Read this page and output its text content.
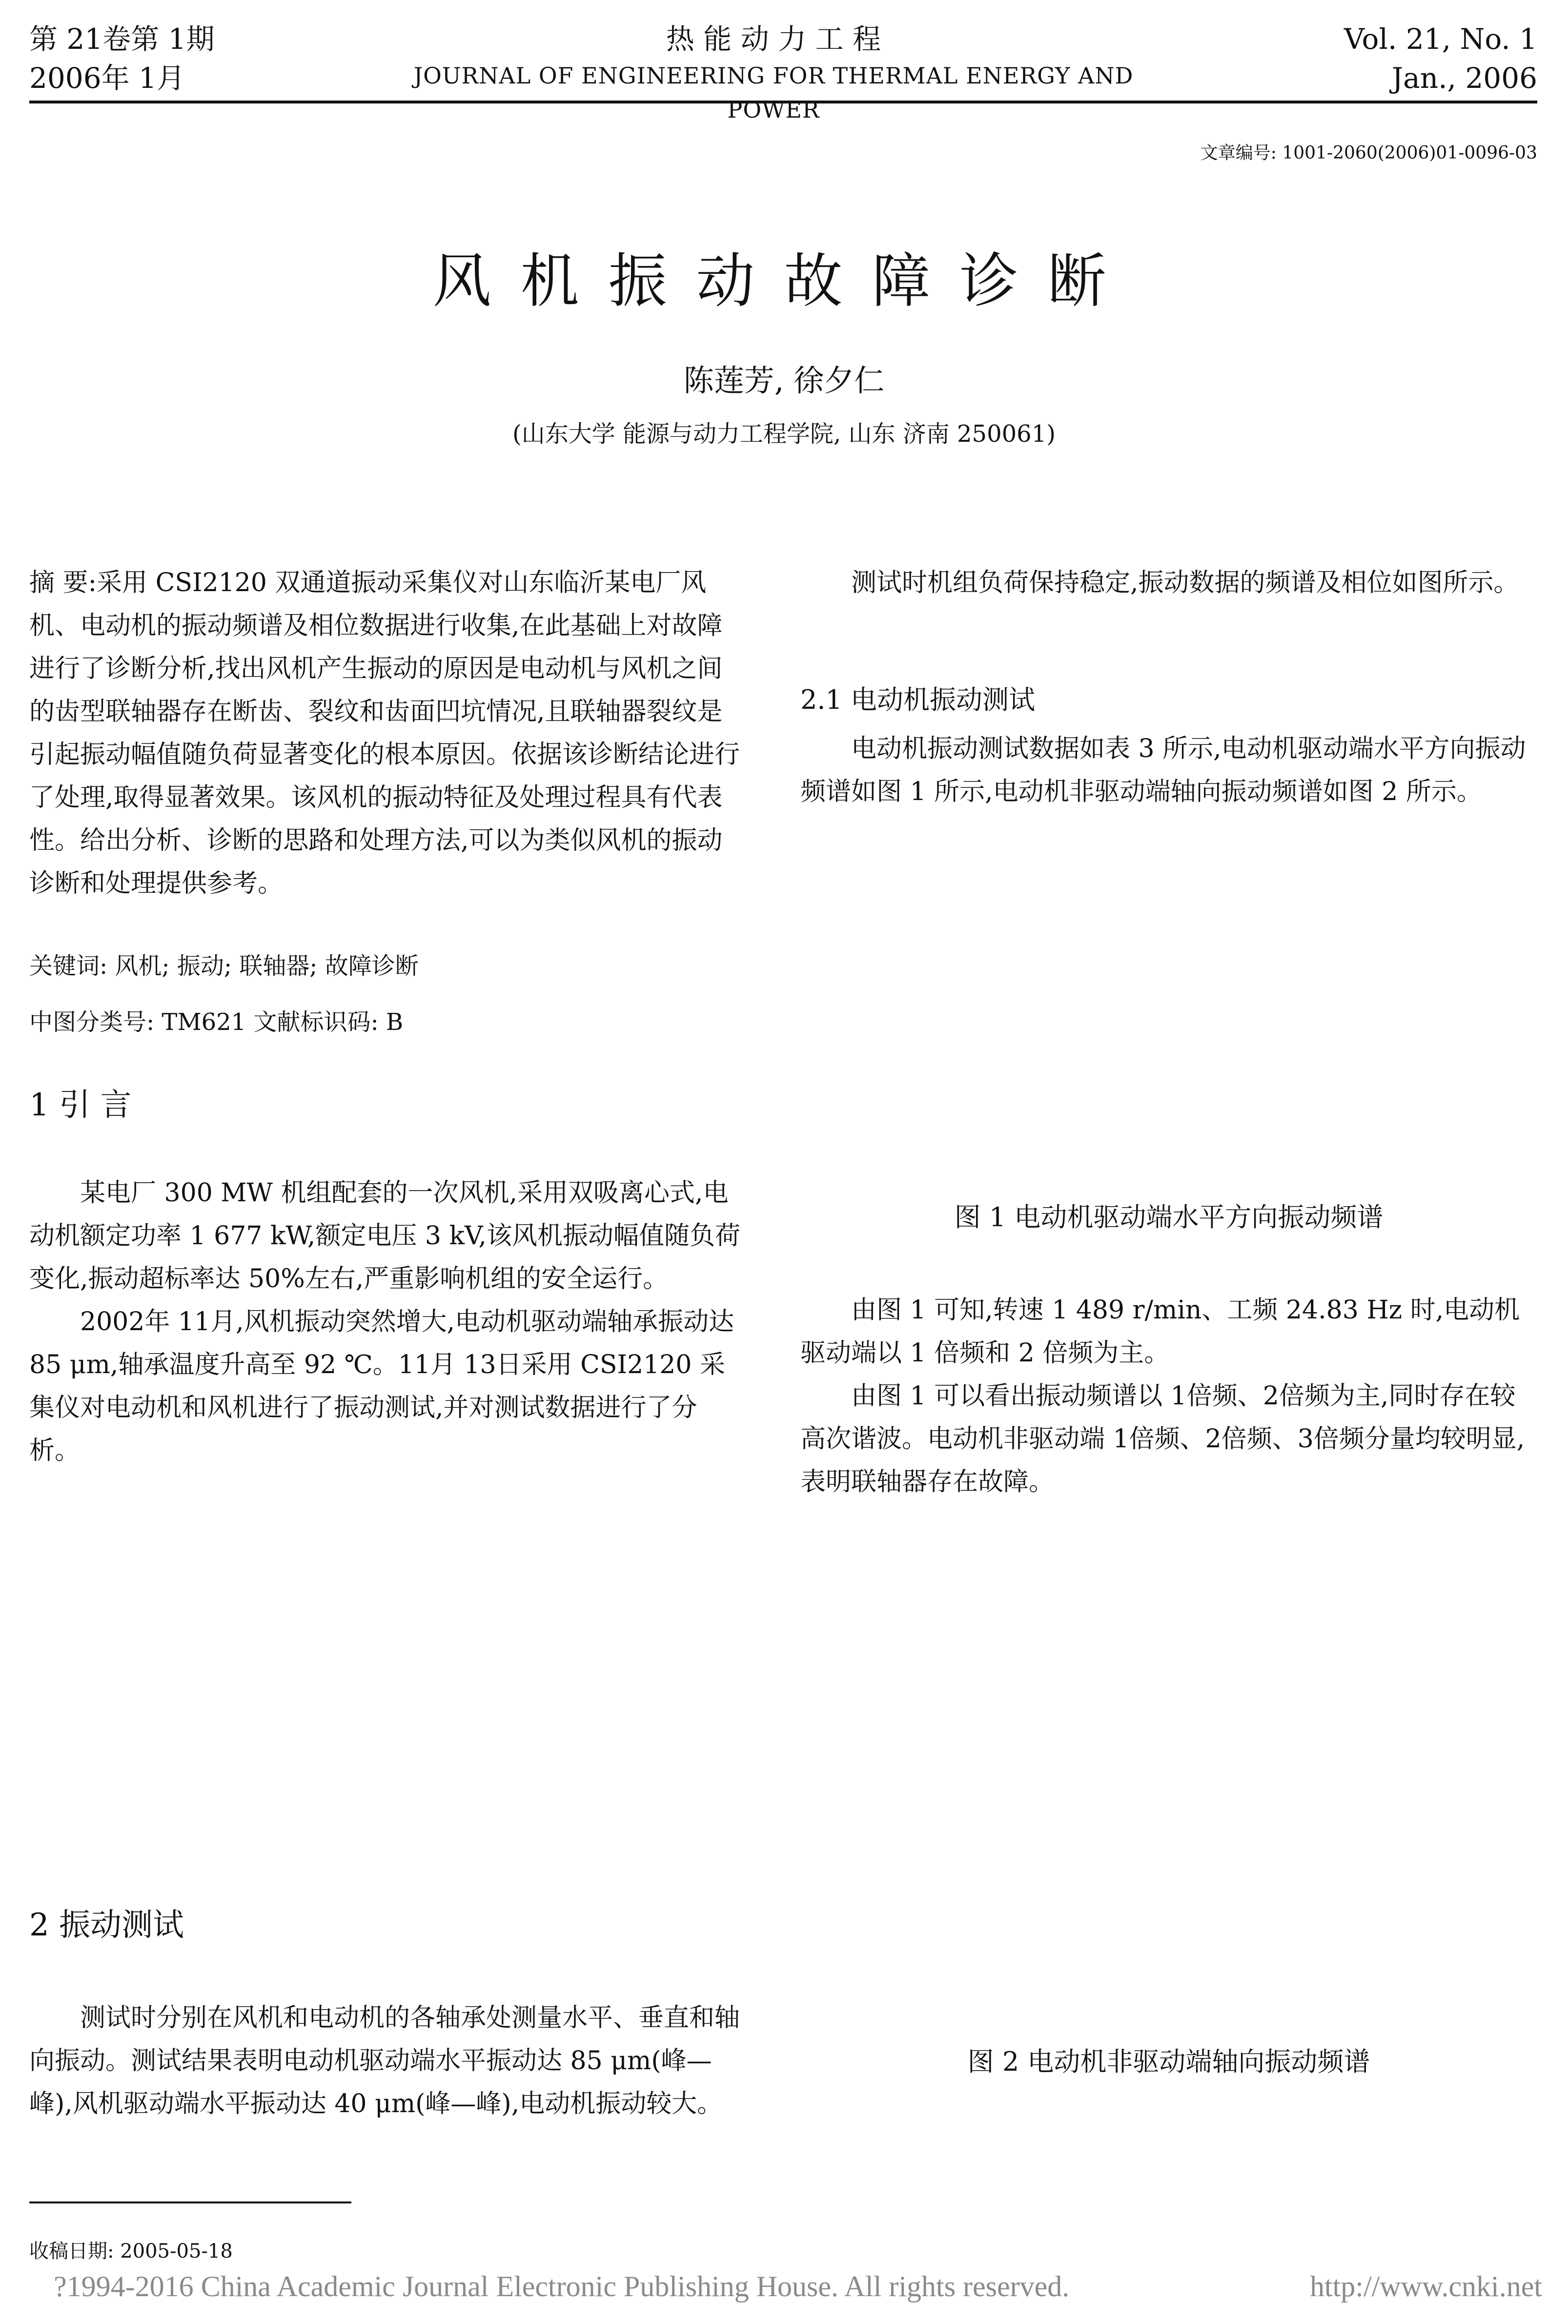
第 21卷第 1期
2006年 1月
热 能 动 力 工 程
JOURNAL OF ENGINEERING FOR THERMAL ENERGY AND POWER
Vol. 21, No. 1
Jan., 2006
文章编号: 1001-2060(2006)01-0096-03
风机振动故障诊断
陈莲芳, 徐夕仁
(山东大学 能源与动力工程学院, 山东 济南 250061)

摘 要:采用 CSI2120 双通道振动采集仪对山东临沂某电厂风机、电动机的振动频谱及相位数据进行收集,在此基础上对故障进行了诊断分析,找出风机产生振动的原因是电动机与风机之间的齿型联轴器存在断齿、裂纹和齿面凹坑情况,且联轴器裂纹是引起振动幅值随负荷显著变化的根本原因。依据该诊断结论进行了处理,取得显著效果。该风机的振动特征及处理过程具有代表性。给出分析、诊断的思路和处理方法,可以为类似风机的振动诊断和处理提供参考。

关键词: 风机; 振动; 联轴器; 故障诊断
中图分类号: TM621 文献标识码: B
1 引 言

某电厂 300 MW 机组配套的一次风机,采用双吸离心式,电动机额定功率 1 677 kW,额定电压 3 kV,该风机振动幅值随负荷变化,振动超标率达 50%左右,严重影响机组的安全运行。

2002年 11月,风机振动突然增大,电动机驱动端轴承振动达 85 μm,轴承温度升高至 92 ℃。11月 13日采用 CSI2120 采集仪对电动机和风机进行了振动测试,并对测试数据进行了分析。

2 振动测试

测试时分别在风机和电动机的各轴承处测量水平、垂直和轴向振动。测试结果表明电动机驱动端水平振动达 85 μm(峰—峰),风机驱动端水平振动达 40 μm(峰—峰),电动机振动较大。

收稿日期: 2005-05-18

测试时机组负荷保持稳定,振动数据的频谱及相位如图所示。

2.1 电动机振动测试

电动机振动测试数据如表 3 所示,电动机驱动端水平方向振动频谱如图 1 所示,电动机非驱动端轴向振动频谱如图 2 所示。

图 1 电动机驱动端水平方向振动频谱

由图 1 可知,转速 1 489 r/min、工频 24.83 Hz 时,电动机驱动端以 1 倍频和 2 倍频为主。

由图 1 可以看出振动频谱以 1倍频、2倍频为主,同时存在较高次谐波。电动机非驱动端 1倍频、2倍频、3倍频分量均较明显,表明联轴器存在故障。

图 2 电动机非驱动端轴向振动频谱
?1994-2016 China Academic Journal Electronic Publishing House. All rights reserved.	http://www.cnki.net
